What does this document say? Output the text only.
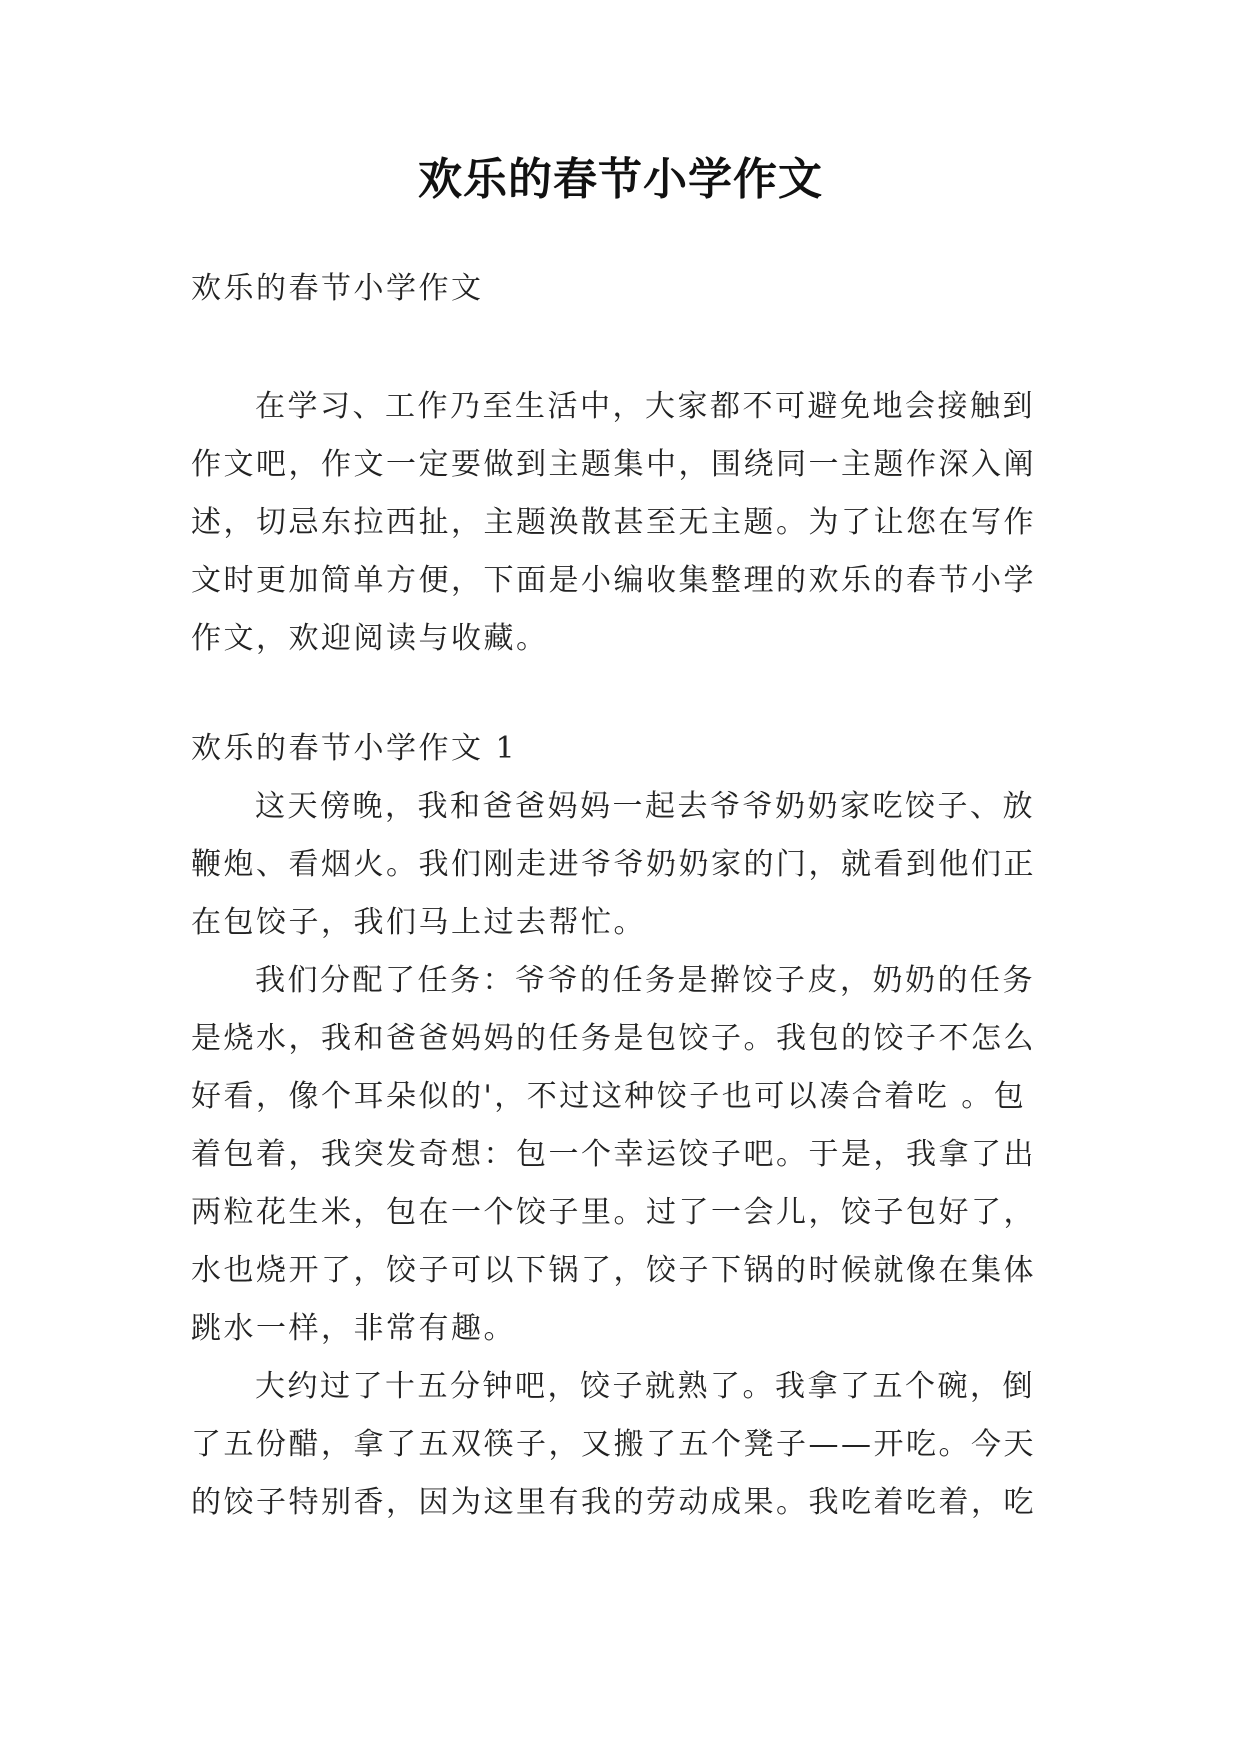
欢乐的春节小学作文

欢乐的春节小学作文

在学习、工作乃至生活中，大家都不可避免地会接触到作文吧，作文一定要做到主题集中，围绕同一主题作深入阐述，切忌东拉西扯，主题涣散甚至无主题。为了让您在写作文时更加简单方便，下面是小编收集整理的欢乐的春节小学作文，欢迎阅读与收藏。

欢乐的春节小学作文 1

这天傍晚，我和爸爸妈妈一起去爷爷奶奶家吃饺子、放鞭炮、看烟火。我们刚走进爷爷奶奶家的门，就看到他们正在包饺子，我们马上过去帮忙。

我们分配了任务：爷爷的任务是擀饺子皮，奶奶的任务是烧水，我和爸爸妈妈的任务是包饺子。我包的饺子不怎么好看，像个耳朵似的'，不过这种饺子也可以凑合着吃 。包着包着，我突发奇想：包一个幸运饺子吧。于是，我拿了出两粒花生米，包在一个饺子里。过了一会儿，饺子包好了，水也烧开了，饺子可以下锅了，饺子下锅的时候就像在集体跳水一样，非常有趣。

大约过了十五分钟吧，饺子就熟了。我拿了五个碗，倒了五份醋，拿了五双筷子，又搬了五个凳子——开吃。今天的饺子特别香，因为这里有我的劳动成果。我吃着吃着，吃
